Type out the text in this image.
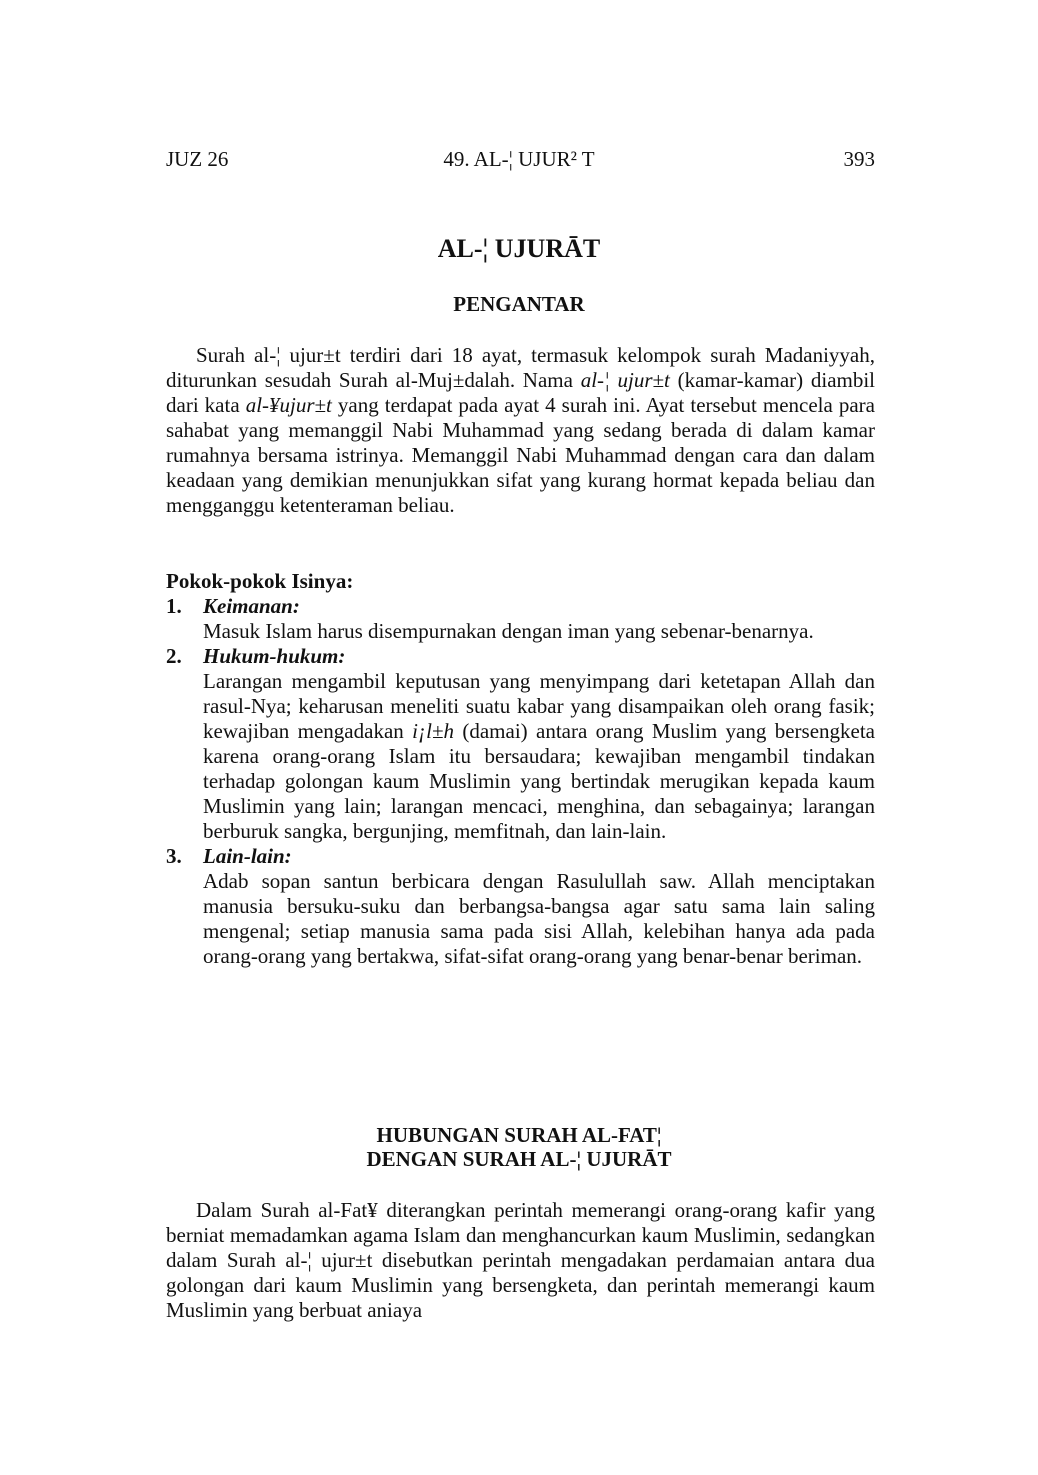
JUZ 26	49. AL-¦ UJUR² T	393
AL-¦ UJURĀT
PENGANTAR

Surah al-¦ ujur±t terdiri dari 18 ayat, termasuk kelompok surah Madaniyyah, diturunkan sesudah Surah al-Muj±dalah. Nama al-¦ ujur±t (kamar-kamar) diambil dari kata al-¥ujur±t yang terdapat pada ayat 4 surah ini. Ayat tersebut mencela para sahabat yang memanggil Nabi Muhammad yang sedang berada di dalam kamar rumahnya bersama istrinya. Memanggil Nabi Muhammad dengan cara dan dalam keadaan yang demikian menunjukkan sifat yang kurang hormat kepada beliau dan mengganggu ketenteraman beliau.

Pokok-pokok Isinya:
1. Keimanan:
Masuk Islam harus disempurnakan dengan iman yang sebenar-benarnya.
2. Hukum-hukum:
Larangan mengambil keputusan yang menyimpang dari ketetapan Allah dan rasul-Nya; keharusan meneliti suatu kabar yang disampaikan oleh orang fasik; kewajiban mengadakan i¡l±h (damai) antara orang Muslim yang bersengketa karena orang-orang Islam itu bersaudara; kewajiban mengambil tindakan terhadap golongan kaum Muslimin yang bertindak merugikan kepada kaum Muslimin yang lain; larangan mencaci, menghina, dan sebagainya; larangan berburuk sangka, bergunjing, memfitnah, dan lain-lain.
3. Lain-lain:
Adab sopan santun berbicara dengan Rasulullah saw. Allah menciptakan manusia bersuku-suku dan berbangsa-bangsa agar satu sama lain saling mengenal; setiap manusia sama pada sisi Allah, kelebihan hanya ada pada orang-orang yang bertakwa, sifat-sifat orang-orang yang benar-benar beriman.
HUBUNGAN SURAH AL-FAT¦
DENGAN SURAH AL-¦ UJURĀT

Dalam Surah al-Fat¥ diterangkan perintah memerangi orang-orang kafir yang berniat memadamkan agama Islam dan menghancurkan kaum Muslimin, sedangkan dalam Surah al-¦ ujur±t disebutkan perintah mengadakan perdamaian antara dua golongan dari kaum Muslimin yang bersengketa, dan perintah memerangi kaum Muslimin yang berbuat aniaya
